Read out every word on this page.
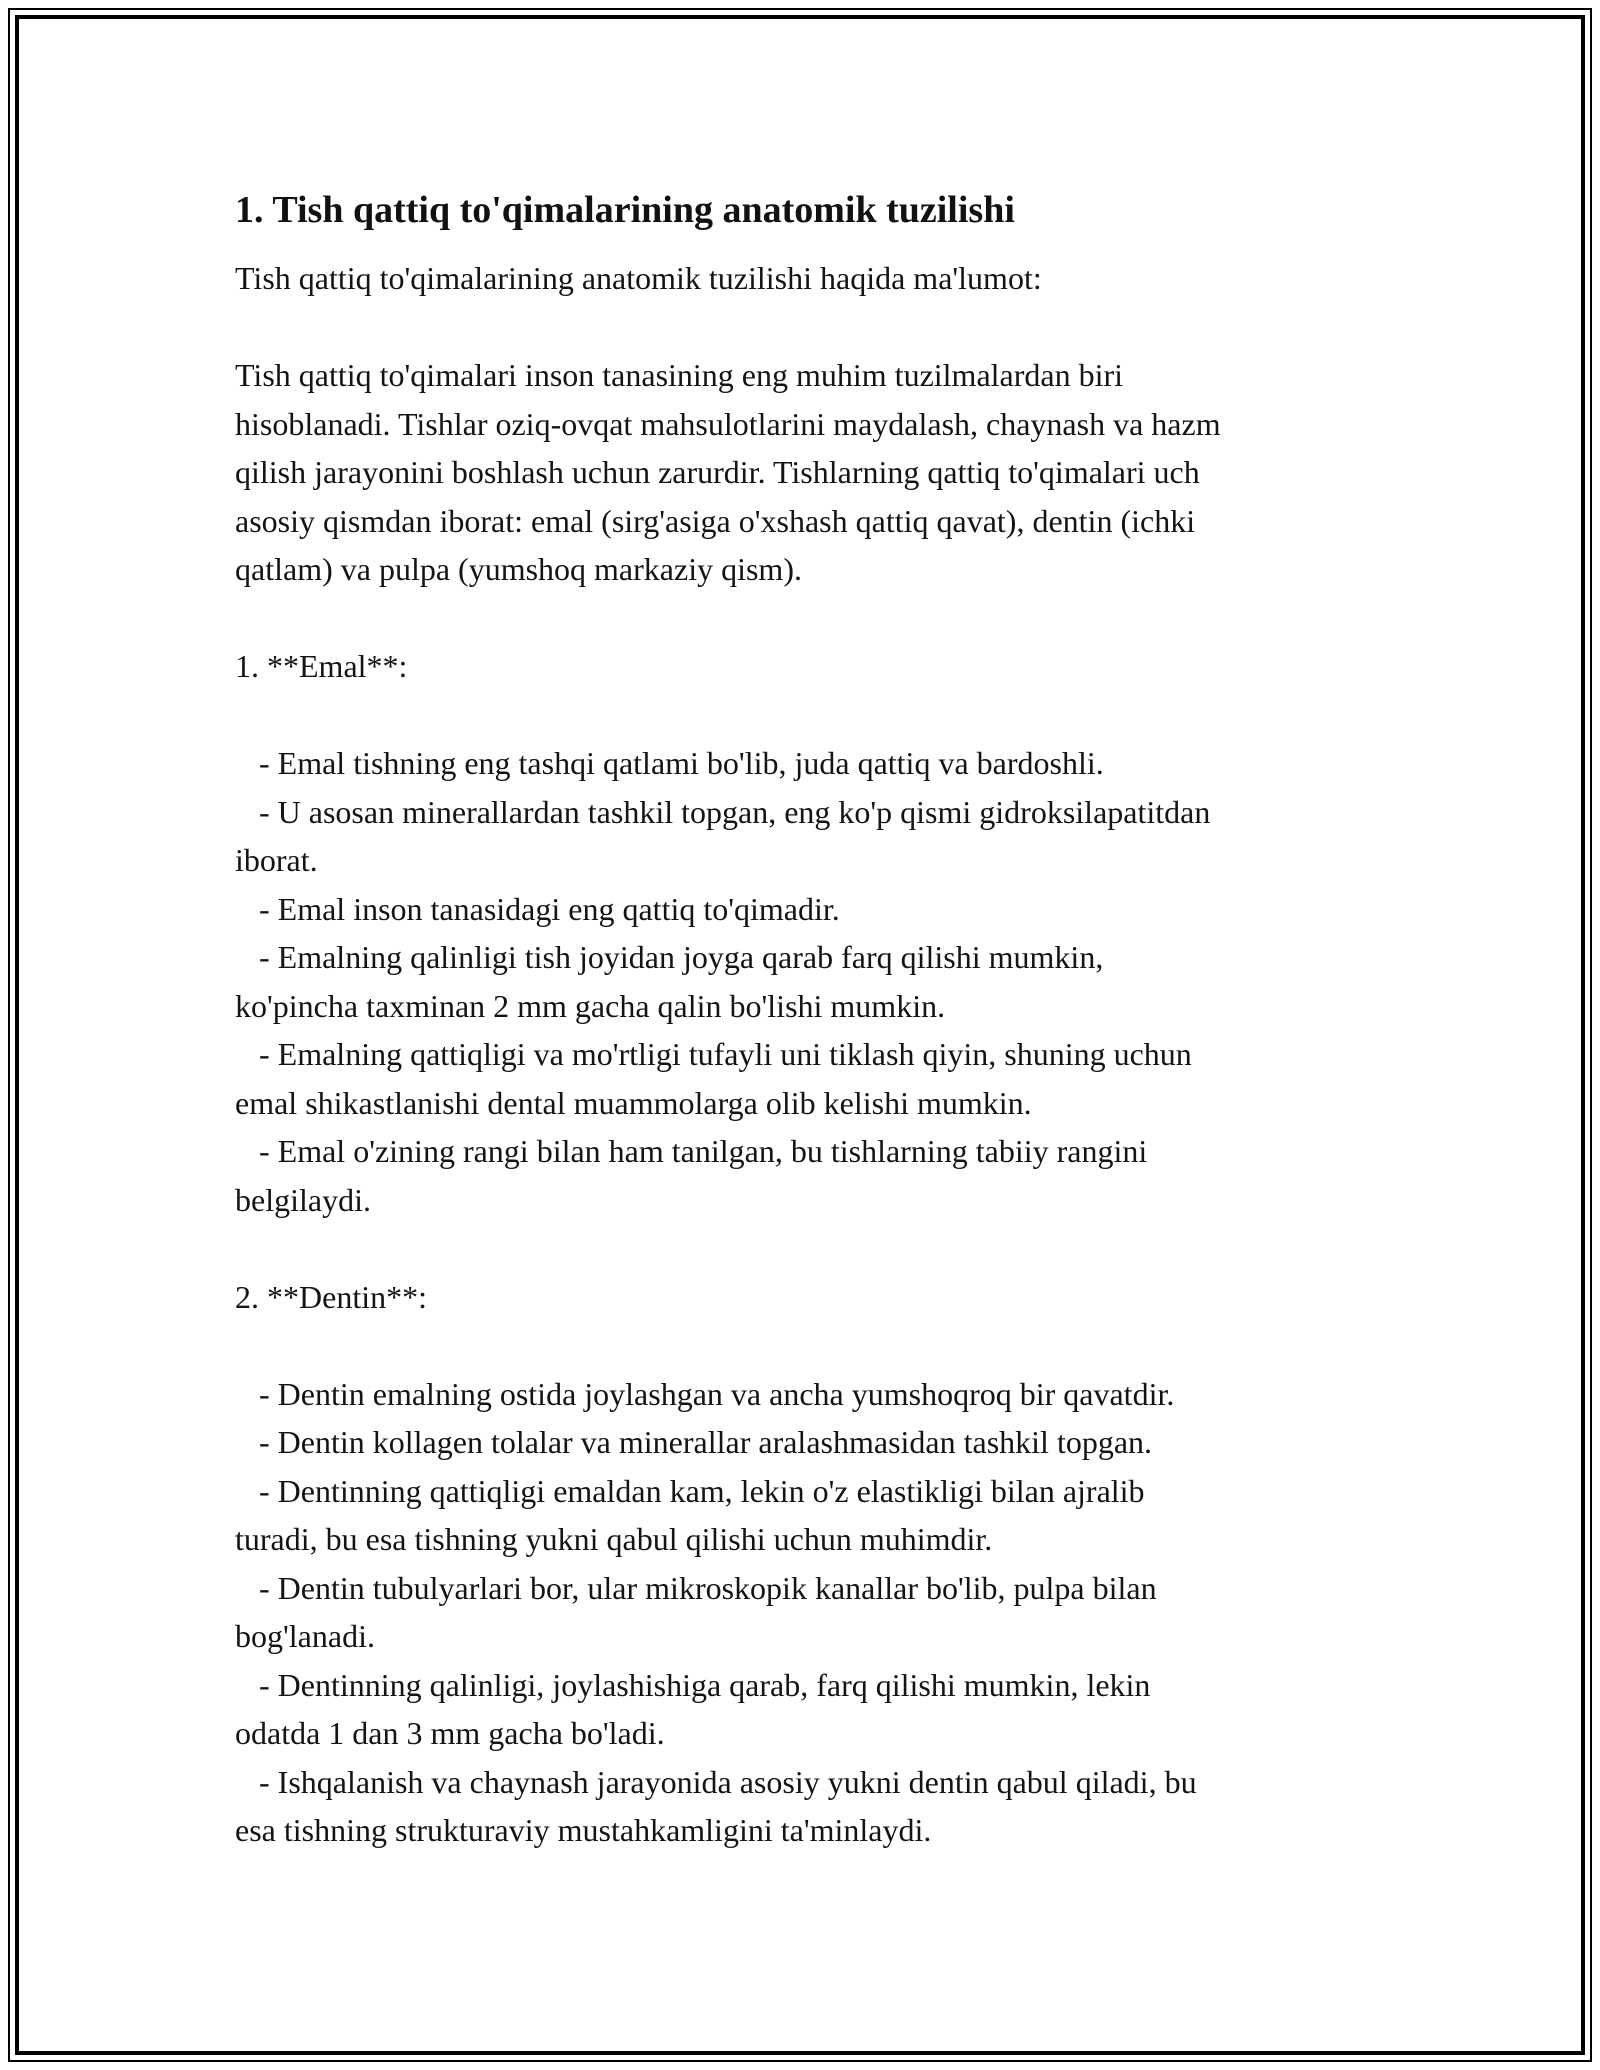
1. Tish qattiq to'qimalarining anatomik tuzilishi
Tish qattiq to'qimalarining anatomik tuzilishi haqida ma'lumot:
Tish qattiq to'qimalari inson tanasining eng muhim tuzilmalardan biri
hisoblanadi. Tishlar oziq-ovqat mahsulotlarini maydalash, chaynash va hazm
qilish jarayonini boshlash uchun zarurdir. Tishlarning qattiq to'qimalari uch
asosiy qismdan iborat: emal (sirg'asiga o'xshash qattiq qavat), dentin (ichki
qatlam) va pulpa (yumshoq markaziy qism).
1. **Emal**:
- Emal tishning eng tashqi qatlami bo'lib, juda qattiq va bardoshli.
- U asosan minerallardan tashkil topgan, eng ko'p qismi gidroksilapatitdan
iborat.
- Emal inson tanasidagi eng qattiq to'qimadir.
- Emalning qalinligi tish joyidan joyga qarab farq qilishi mumkin,
ko'pincha taxminan 2 mm gacha qalin bo'lishi mumkin.
- Emalning qattiqligi va mo'rtligi tufayli uni tiklash qiyin, shuning uchun
emal shikastlanishi dental muammolarga olib kelishi mumkin.
- Emal o'zining rangi bilan ham tanilgan, bu tishlarning tabiiy rangini
belgilaydi.
2. **Dentin**:
- Dentin emalning ostida joylashgan va ancha yumshoqroq bir qavatdir.
- Dentin kollagen tolalar va minerallar aralashmasidan tashkil topgan.
- Dentinning qattiqligi emaldan kam, lekin o'z elastikligi bilan ajralib
turadi, bu esa tishning yukni qabul qilishi uchun muhimdir.
- Dentin tubulyarlari bor, ular mikroskopik kanallar bo'lib, pulpa bilan
bog'lanadi.
- Dentinning qalinligi, joylashishiga qarab, farq qilishi mumkin, lekin
odatda 1 dan 3 mm gacha bo'ladi.
- Ishqalanish va chaynash jarayonida asosiy yukni dentin qabul qiladi, bu
esa tishning strukturaviy mustahkamligini ta'minlaydi.
